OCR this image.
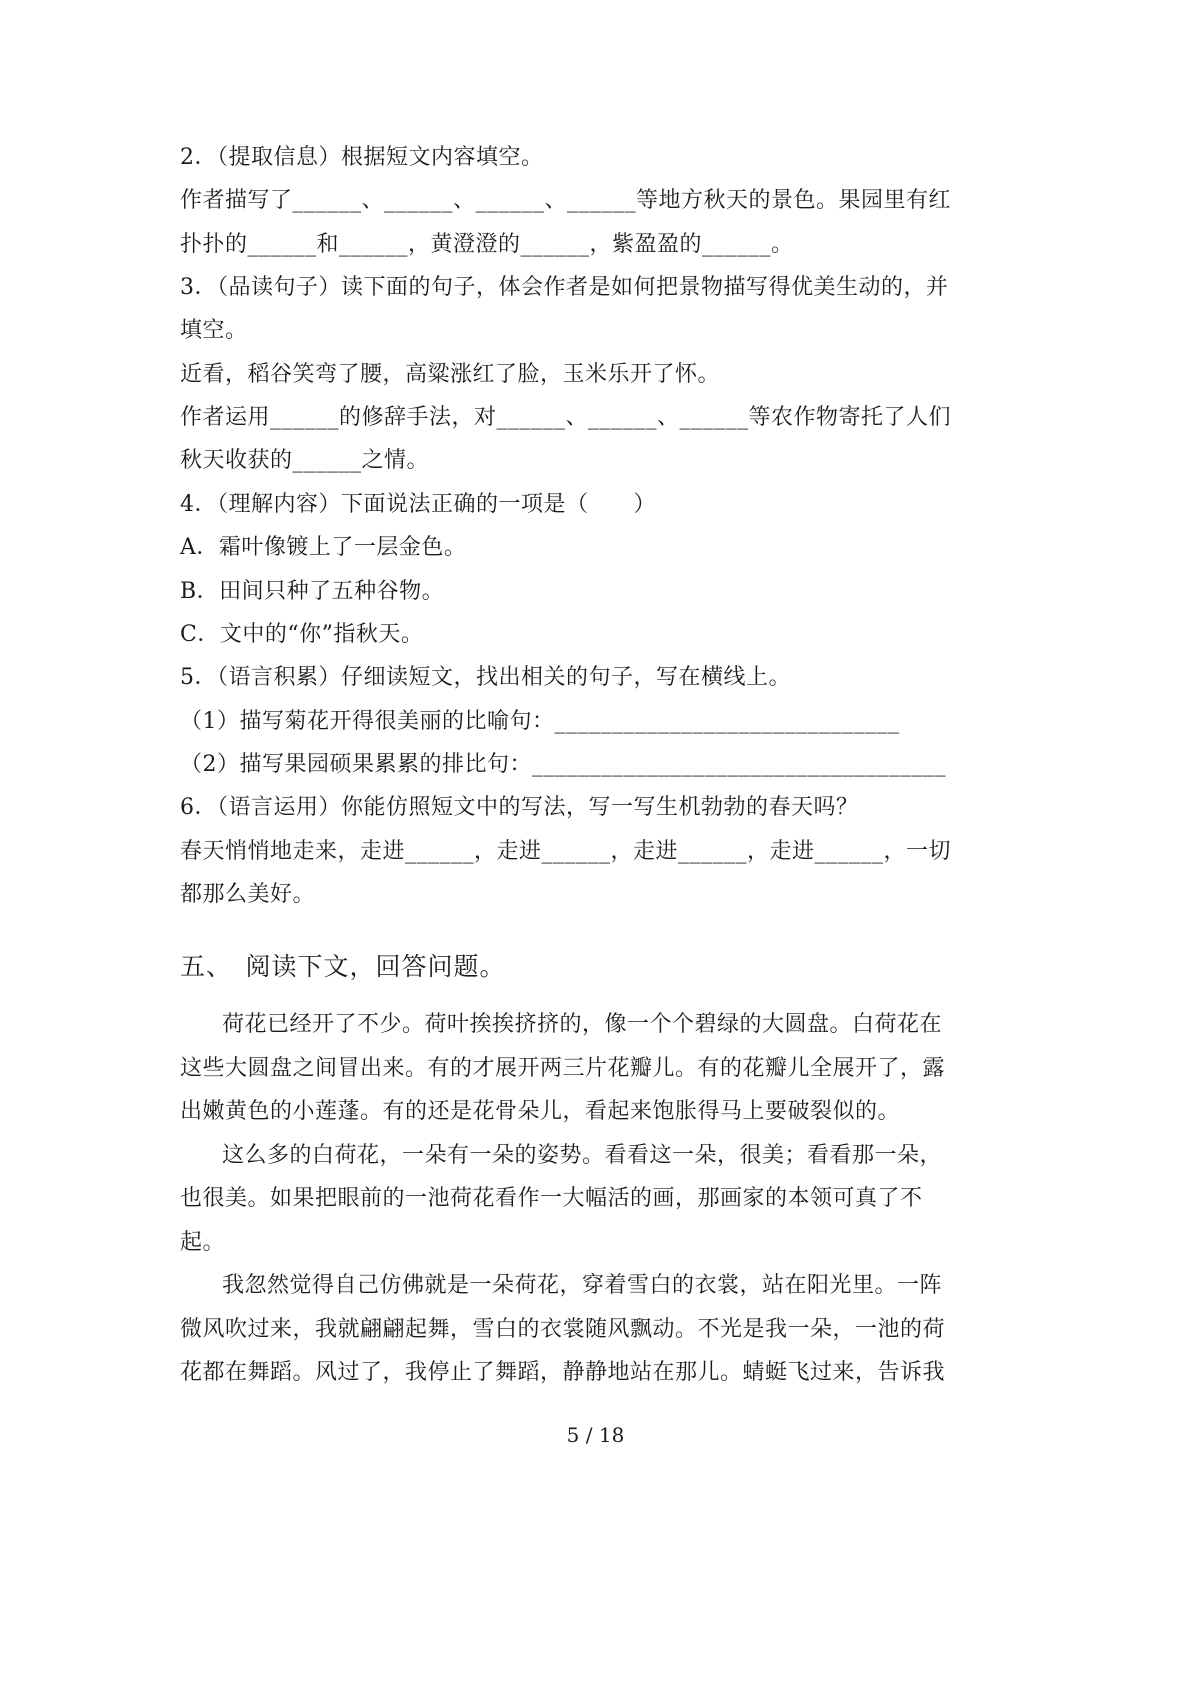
2．（提取信息）根据短文内容填空。
作者描写了______、______、______、______等地方秋天的景色。果园里有红
扑扑的______和______，黄澄澄的______，紫盈盈的______。
3．（品读句子）读下面的句子，体会作者是如何把景物描写得优美生动的，并
填空。
近看，稻谷笑弯了腰，高粱涨红了脸，玉米乐开了怀。
作者运用______的修辞手法，对______、______、______等农作物寄托了人们
秋天收获的______之情。
4．（理解内容）下面说法正确的一项是（　　）
A．霜叶像镀上了一层金色。
B．田间只种了五种谷物。
C．文中的“你”指秋天。
5．（语言积累）仔细读短文，找出相关的句子，写在横线上。
（1）描写菊花开得很美丽的比喻句：______________________________
（2）描写果园硕果累累的排比句：____________________________________
6．（语言运用）你能仿照短文中的写法，写一写生机勃勃的春天吗？
春天悄悄地走来，走进______，走进______，走进______，走进______，一切
都那么美好。
五、　阅读下文，回答问题。
荷花已经开了不少。荷叶挨挨挤挤的，像一个个碧绿的大圆盘。白荷花在
这些大圆盘之间冒出来。有的才展开两三片花瓣儿。有的花瓣儿全展开了，露
出嫩黄色的小莲蓬。有的还是花骨朵儿，看起来饱胀得马上要破裂似的。
这么多的白荷花，一朵有一朵的姿势。看看这一朵，很美；看看那一朵，
也很美。如果把眼前的一池荷花看作一大幅活的画，那画家的本领可真了不
起。
我忽然觉得自己仿佛就是一朵荷花，穿着雪白的衣裳，站在阳光里。一阵
微风吹过来，我就翩翩起舞，雪白的衣裳随风飘动。不光是我一朵，一池的荷
花都在舞蹈。风过了，我停止了舞蹈，静静地站在那儿。蜻蜓飞过来，告诉我
5 / 18
